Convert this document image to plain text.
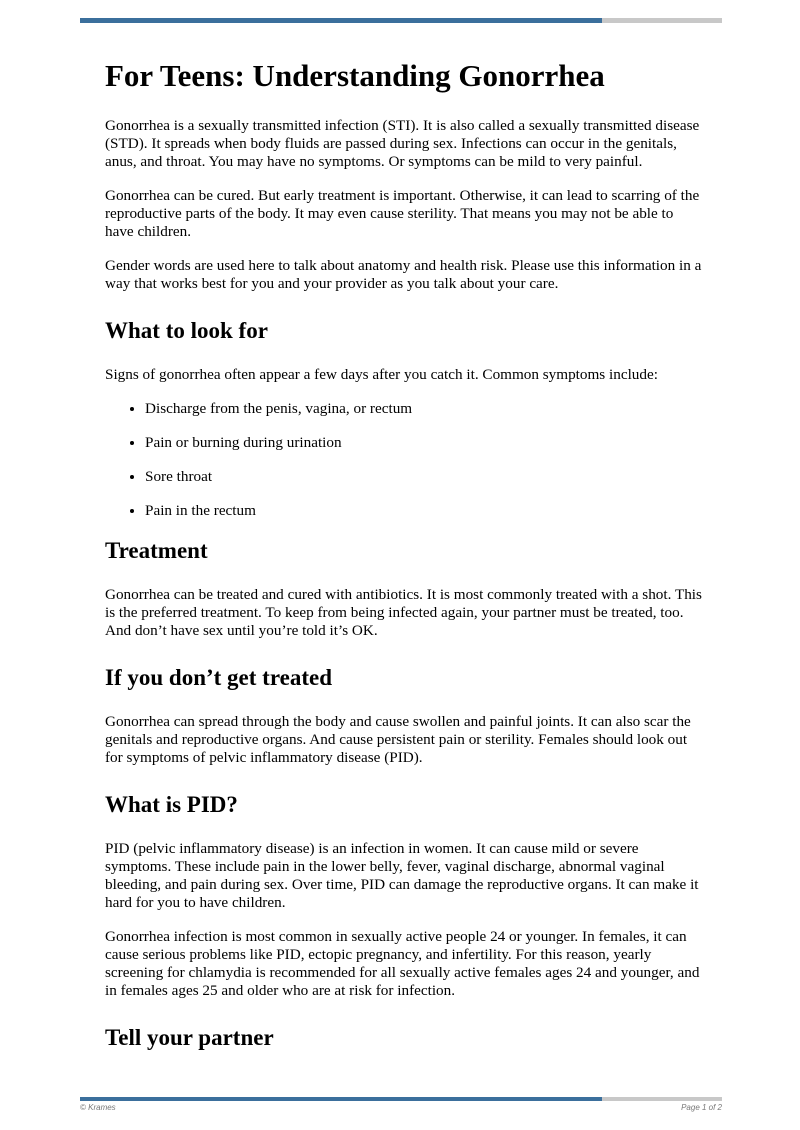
For Teens: Understanding Gonorrhea

Gonorrhea is a sexually transmitted infection (STI). It is also called a sexually transmitted disease (STD). It spreads when body fluids are passed during sex. Infections can occur in the genitals, anus, and throat. You may have no symptoms. Or symptoms can be mild to very painful.

Gonorrhea can be cured. But early treatment is important. Otherwise, it can lead to scarring of the reproductive parts of the body. It may even cause sterility. That means you may not be able to have children.

Gender words are used here to talk about anatomy and health risk. Please use this information in a way that works best for you and your provider as you talk about your care.

What to look for

Signs of gonorrhea often appear a few days after you catch it. Common symptoms include:

• Discharge from the penis, vagina, or rectum
• Pain or burning during urination
• Sore throat
• Pain in the rectum
Treatment

Gonorrhea can be treated and cured with antibiotics. It is most commonly treated with a shot. This is the preferred treatment. To keep from being infected again, your partner must be treated, too. And don’t have sex until you’re told it’s OK.

If you don’t get treated

Gonorrhea can spread through the body and cause swollen and painful joints. It can also scar the genitals and reproductive organs. And cause persistent pain or sterility. Females should look out for symptoms of pelvic inflammatory disease (PID).

What is PID?

PID (pelvic inflammatory disease) is an infection in women. It can cause mild or severe symptoms. These include pain in the lower belly, fever, vaginal discharge, abnormal vaginal bleeding, and pain during sex. Over time, PID can damage the reproductive organs. It can make it hard for you to have children.

Gonorrhea infection is most common in sexually active people 24 or younger. In females, it can cause serious problems like PID, ectopic pregnancy, and infertility. For this reason, yearly screening for chlamydia is recommended for all sexually active females ages 24 and younger, and in females ages 25 and older who are at risk for infection.

Tell your partner
© Krames	Page 1 of 2
